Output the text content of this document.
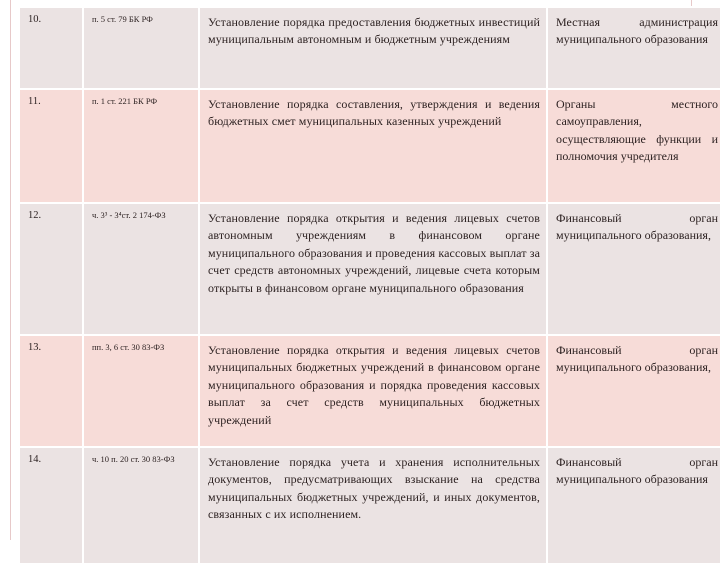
10.	п. 5 ст. 79 БК РФ	Установление порядка предоставления бюджетных инвестиций муниципальным автономным и бюджетным учреждениям	Местная администрация муниципального образования
11.	п. 1 ст. 221 БК РФ	Установление порядка составления, утверждения и ведения бюджетных смет муниципальных казенных учреждений	Органы местного самоуправления, осуществляющие функции и полномочия учредителя
12.	ч. 3³ - 3⁴ст. 2 174-ФЗ	Установление порядка открытия и ведения лицевых счетов автономным учреждениям в финансовом органе муниципального образования и проведения кассовых выплат за счет средств автономных учреждений, лицевые счета которым открыты в финансовом органе муниципального образования	Финансовый орган муниципального образования,
13.	пп. 3, 6 ст. 30 83-ФЗ	Установление порядка открытия и ведения лицевых счетов муниципальных бюджетных учреждений в финансовом органе муниципального образования и порядка проведения кассовых выплат за счет средств муниципальных бюджетных учреждений	Финансовый орган муниципального образования,
14.	ч. 10 п. 20 ст. 30 83-ФЗ	Установление порядка учета и хранения исполнительных документов, предусматривающих взыскание на средства муниципальных бюджетных учреждений, и иных документов, связанных с их исполнением.	Финансовый орган муниципального образования
